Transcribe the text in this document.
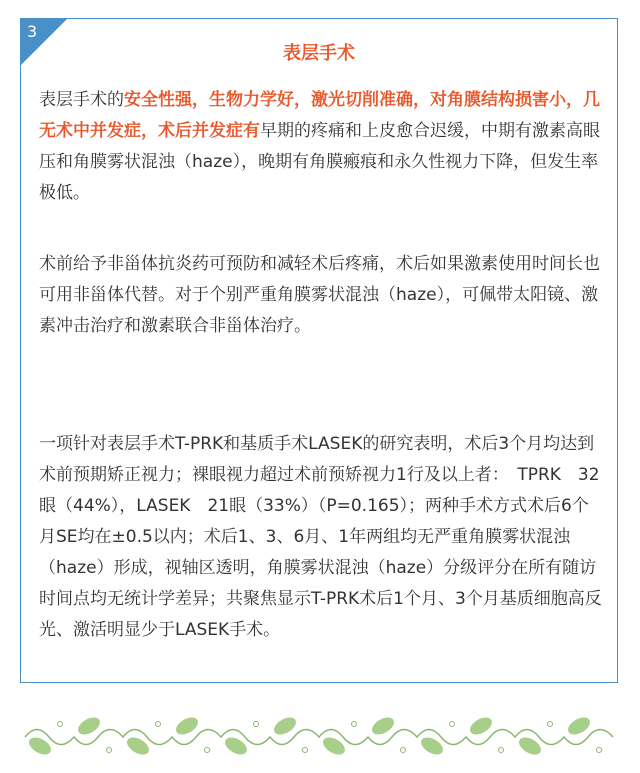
3
表层手术

表层手术的安全性强，生物力学好，激光切削准确，对角膜结构损害小，几无术中并发症，术后并发症有早期的疼痛和上皮愈合迟缓，中期有激素高眼压和角膜雾状混浊（haze），晚期有角膜瘢痕和永久性视力下降，但发生率极低。

术前给予非甾体抗炎药可预防和减轻术后疼痛，术后如果激素使用时间长也可用非甾体代替。对于个别严重角膜雾状混浊（haze），可佩带太阳镜、激素冲击治疗和激素联合非甾体治疗。

一项针对表层手术T-PRK和基质手术LASEK的研究表明，术后3个月均达到术前预期矫正视力；裸眼视力超过术前预矫视力1行及以上者：　TPRK　32眼（44%），LASEK　21眼（33%）（P=0.165）；两种手术方式术后6个月SE均在±0.5以内；术后1、3、6月、1年两组均无严重角膜雾状混浊（haze）形成，视轴区透明，角膜雾状混浊（haze）分级评分在所有随访时间点均无统计学差异；共聚焦显示T-PRK术后1个月、3个月基质细胞高反光、激活明显少于LASEK手术。
